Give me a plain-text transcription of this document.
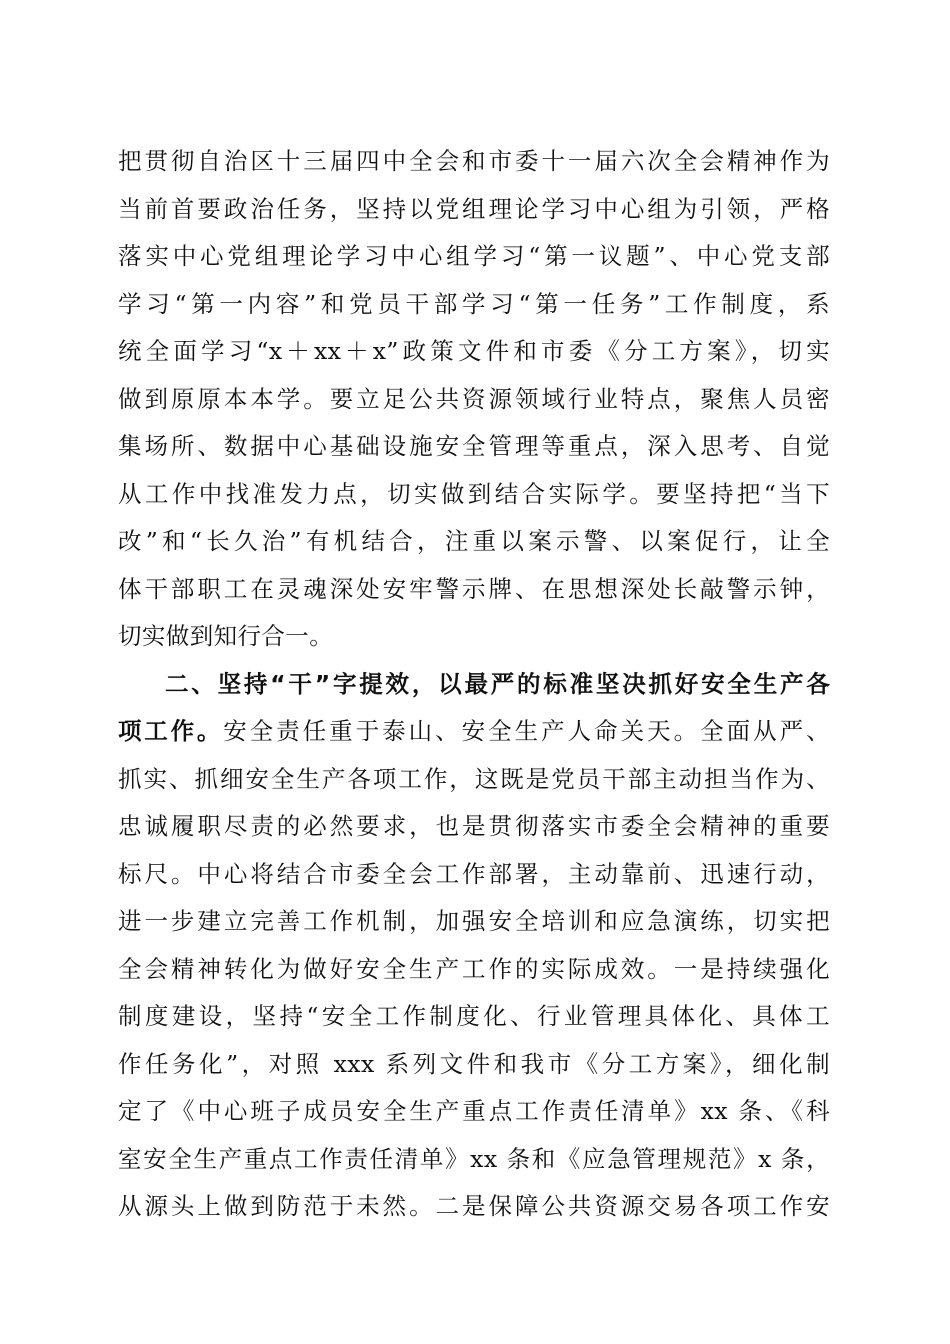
把贯彻自治区十三届四中全会和市委十一届六次全会精神作为
当前首要政治任务，坚持以党组理论学习中心组为引领，严格
落实中心党组理论学习中心组学习“第一议题”、中心党支部
学习“第一内容”和党员干部学习“第一任务”工作制度，系
统全面学习“x＋xx＋x”政策文件和市委《分工方案》，切实
做到原原本本学。要立足公共资源领域行业特点，聚焦人员密
集场所、数据中心基础设施安全管理等重点，深入思考、自觉
从工作中找准发力点，切实做到结合实际学。要坚持把“当下
改”和“长久治”有机结合，注重以案示警、以案促行，让全
体干部职工在灵魂深处安牢警示牌、在思想深处长敲警示钟，
切实做到知行合一。
二、坚持“干”字提效，以最严的标准坚决抓好安全生产各
项工作。安全责任重于泰山、安全生产人命关天。全面从严、
抓实、抓细安全生产各项工作，这既是党员干部主动担当作为、
忠诚履职尽责的必然要求，也是贯彻落实市委全会精神的重要
标尺。中心将结合市委全会工作部署，主动靠前、迅速行动，
进一步建立完善工作机制，加强安全培训和应急演练，切实把
全会精神转化为做好安全生产工作的实际成效。一是持续强化
制度建设，坚持“安全工作制度化、行业管理具体化、具体工
作任务化”，对照 xxx 系列文件和我市《分工方案》，细化制
定了《中心班子成员安全生产重点工作责任清单》xx 条、《科
室安全生产重点工作责任清单》xx 条和《应急管理规范》x 条，
从源头上做到防范于未然。二是保障公共资源交易各项工作安
